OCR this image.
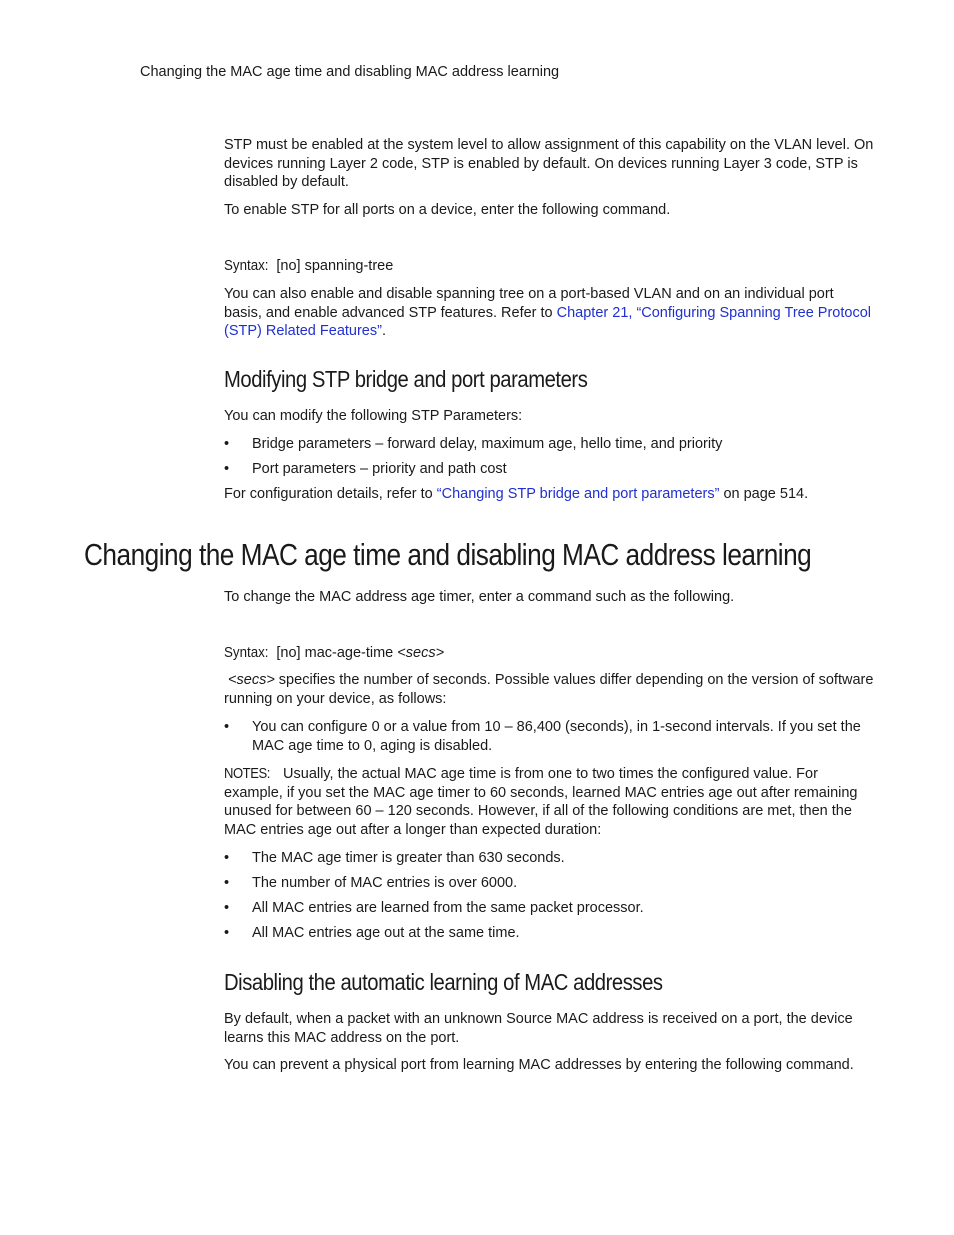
Changing the MAC age time and disabling MAC address learning

STP must be enabled at the system level to allow assignment of this capability on the VLAN level. On devices running Layer 2 code, STP is enabled by default. On devices running Layer 3 code, STP is disabled by default.

To enable STP for all ports on a device, enter the following command.

Syntax: [no] spanning-tree

You can also enable and disable spanning tree on a port-based VLAN and on an individual port basis, and enable advanced STP features. Refer to Chapter 21, “Configuring Spanning Tree Protocol (STP) Related Features”.

Modifying STP bridge and port parameters

You can modify the following STP Parameters:

• Bridge parameters – forward delay, maximum age, hello time, and priority
• Port parameters – priority and path cost

For configuration details, refer to “Changing STP bridge and port parameters” on page 514.

Changing the MAC age time and disabling MAC address learning

To change the MAC address age timer, enter a command such as the following.

Syntax: [no] mac-age-time <secs>

<secs> specifies the number of seconds. Possible values differ depending on the version of software running on your device, as follows:

• You can configure 0 or a value from 10 – 86,400 (seconds), in 1-second intervals. If you set the MAC age time to 0, aging is disabled.

NOTES: Usually, the actual MAC age time is from one to two times the configured value. For example, if you set the MAC age timer to 60 seconds, learned MAC entries age out after remaining unused for between 60 – 120 seconds. However, if all of the following conditions are met, then the MAC entries age out after a longer than expected duration:

• The MAC age timer is greater than 630 seconds.
• The number of MAC entries is over 6000.
• All MAC entries are learned from the same packet processor.
• All MAC entries age out at the same time.
Disabling the automatic learning of MAC addresses

By default, when a packet with an unknown Source MAC address is received on a port, the device learns this MAC address on the port.

You can prevent a physical port from learning MAC addresses by entering the following command.
